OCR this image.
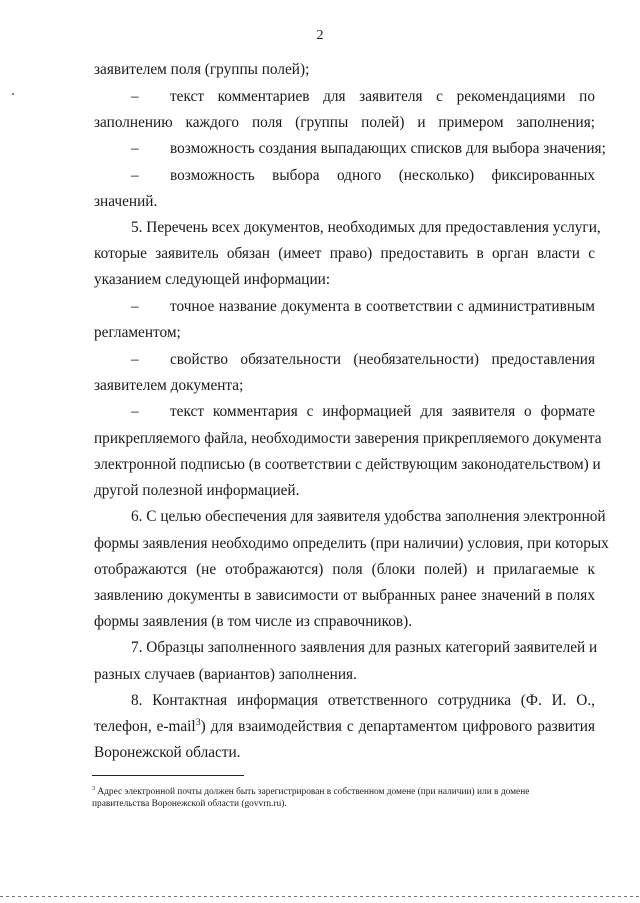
2
заявителем поля (группы полей);
– текст комментариев для заявителя с рекомендациями по
заполнению каждого поля (группы полей) и примером заполнения;
– возможность создания выпадающих списков для выбора значения;
– возможность выбора одного (несколько) фиксированных
значений.
5. Перечень всех документов, необходимых для предоставления услуги,
которые заявитель обязан (имеет право) предоставить в орган власти с
указанием следующей информации:
– точное название документа в соответствии с административным
регламентом;
– свойство обязательности (необязательности) предоставления
заявителем документа;
– текст комментария с информацией для заявителя о формате
прикрепляемого файла, необходимости заверения прикрепляемого документа
электронной подписью (в соответствии с действующим законодательством) и
другой полезной информацией.
6. С целью обеспечения для заявителя удобства заполнения электронной
формы заявления необходимо определить (при наличии) условия, при которых
отображаются (не отображаются) поля (блоки полей) и прилагаемые к
заявлению документы в зависимости от выбранных ранее значений в полях
формы заявления (в том числе из справочников).
7. Образцы заполненного заявления для разных категорий заявителей и
разных случаев (вариантов) заполнения.
8. Контактная информация ответственного сотрудника (Ф. И. О.,
телефон, e-mail$^3$) для взаимодействия с департаментом цифрового развития
Воронежской области.
$^3$ Адрес электронной почты должен быть зарегистрирован в собственном домене (при наличии) или в домене
правительства Воронежской области (govvrn.ru).
